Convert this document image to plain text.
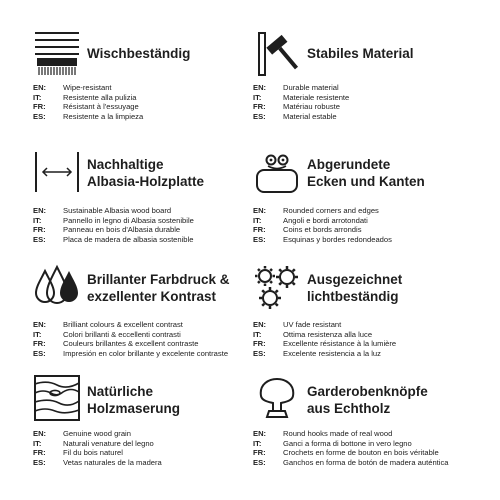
Wischbeständig
EN: Wipe-resistant
IT:	Resistente alla pulizia
FR: Résistant à l'essuyage
ES: Resistente a la limpieza
Stabiles Material
EN: Durable material
IT:	Materiale resistente
FR: Matériau robuste
ES: Material estable
Nachhaltige
Albasia-Holzplatte
EN: Sustainable Albasia wood board
IT:	Pannello in legno di Albasia sostenibile
FR: Panneau en bois d'Albasia durable
ES: Placa de madera de albasia sostenible
Abgerundete
Ecken und Kanten
EN: Rounded corners and edges
IT:	Angoli e bordi arrotondati
FR: Coins et bords arrondis
ES: Esquinas y bordes redondeados
Brillanter Farbdruck &
exzellenter Kontrast
EN: Brilliant colours & excellent contrast
IT:	Colori brillanti & eccellenti contrasti
FR: Couleurs brillantes & excellent contraste
ES: Impresión en color brillante y excelente contraste
Ausgezeichnet
lichtbeständig
EN: UV fade resistant
IT:	Ottima resistenza alla luce
FR: Excellente résistance à la lumière
ES: Excelente resistencia a la luz
Natürliche
Holzmaserung
EN: Genuine wood grain
IT:	Naturali venature del legno
FR: Fil du bois naturel
ES: Vetas naturales de la madera
Garderobenknöpfe
aus Echtholz
EN: Round hooks made of real wood
IT:	Ganci a forma di bottone in vero legno
FR: Crochets en forme de bouton en bois véritable
ES: Ganchos en forma de botón de madera auténtica
